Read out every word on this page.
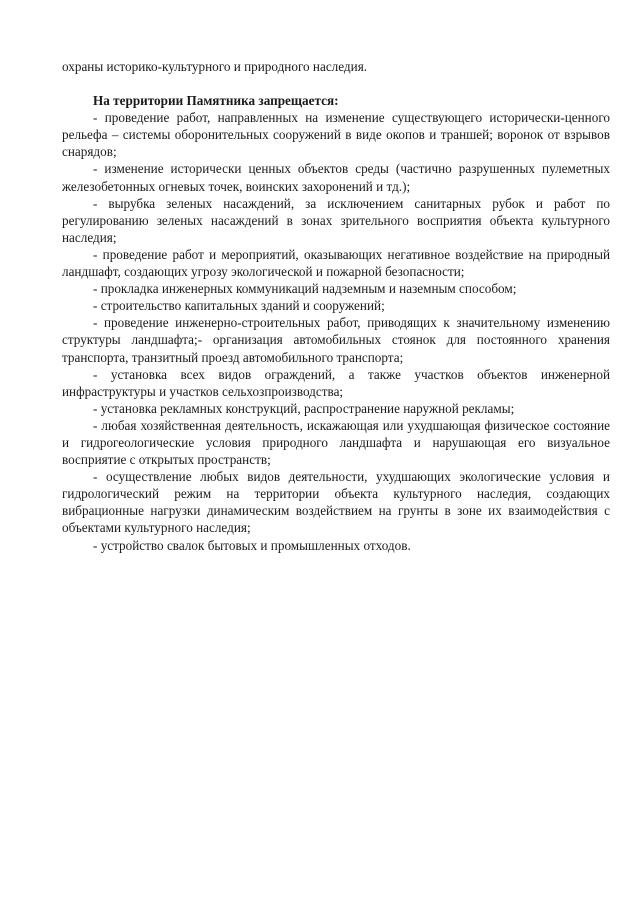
охраны историко-культурного и природного наследия.

На территории Памятника запрещается:

- проведение работ, направленных на изменение существующего исторически-ценного рельефа – системы оборонительных сооружений в виде окопов и траншей; воронок от взрывов снарядов;

- изменение исторически ценных объектов среды (частично разрушенных пулеметных железобетонных огневых точек, воинских захоронений и тд.);

- вырубка зеленых насаждений, за исключением санитарных рубок и работ по регулированию зеленых насаждений в зонах зрительного восприятия объекта культурного наследия;

- проведение работ и мероприятий, оказывающих негативное воздействие на природный ландшафт, создающих угрозу экологической и пожарной безопасности;

- прокладка инженерных коммуникаций надземным и наземным способом;

- строительство капитальных зданий и сооружений;

- проведение инженерно-строительных работ, приводящих к значительному изменению структуры ландшафта;- организация автомобильных стоянок для постоянного хранения транспорта, транзитный проезд автомобильного транспорта;

- установка всех видов ограждений, а также участков объектов инженерной инфраструктуры и участков сельхозпроизводства;

- установка рекламных конструкций, распространение наружной рекламы;

- любая хозяйственная деятельность, искажающая или ухудшающая физическое состояние и гидрогеологические условия природного ландшафта и нарушающая его визуальное восприятие с открытых пространств;

- осуществление любых видов деятельности, ухудшающих экологические условия и гидрологический режим на территории объекта культурного наследия, создающих вибрационные нагрузки динамическим воздействием на грунты в зоне их взаимодействия с объектами культурного наследия;

- устройство свалок бытовых и промышленных отходов.
